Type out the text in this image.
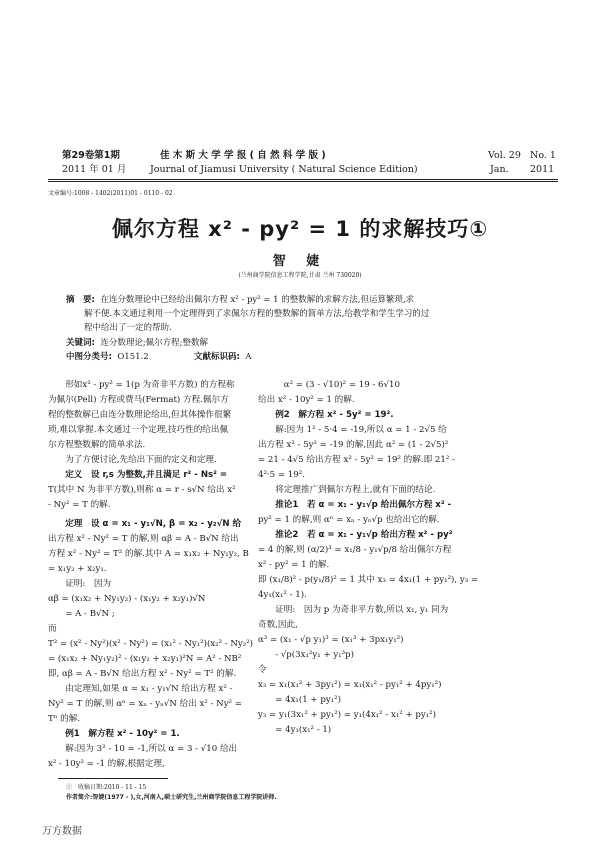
第29卷第1期
2011 年 01 月
佳 木 斯 大 学 学 报 ( 自 然 科 学 版 )
Journal of Jiamusi University ( Natural Science Edition)
Vol. 29 No. 1
Jan. 2011
文章编号:1008 - 1402(2011)01 - 0110 - 02
佩尔方程 x² - py² = 1 的求解技巧①
智 婕
(兰州商学院信息工程学院,甘肃 兰州 730020)
摘　要: 在连分数理论中已经给出佩尔方程 x² - py² = 1 的整数解的求解方法,但运算繁琐,求
解不便.本文通过利用一个定理得到了求佩尔方程的整数解的简单方法,给教学和学生学习的过
程中给出了一定的帮助.
关键词: 连分数理论;佩尔方程;整数解
中图分类号: O151.2	文献标识码: A

　　形如x² - py² = 1(p 为奇非平方数) 的方程称

为佩尔(Pell) 方程或费马(Fermat) 方程.佩尔方

程的整数解已由连分数理论给出,但其体操作很繁

琐,难以掌握.本文通过一个定理,技巧性的给出佩

尔方程整数解的简单求法.

　　为了方便讨论,先给出下面的定义和定理.

　　定义　设 r,s 为整数,并且满足 r² - Ns² =

T(其中 N 为非平方数),则称 α = r - s√N 给出 x²

- Ny² = T 的解.

　　定理　设 α = x₁ - y₁√N, β = x₂ - y₂√N 给

出方程 x² - Ny² = T 的解,则 αβ = A - B√N 给出

方程 x² - Ny² = T² 的解.其中 A = x₁x₂ + Ny₁y₂, B

= x₁y₂ + x₂y₁.

　　证明:　因为

αβ = (x₁x₂ + Ny₁y₂) - (x₁y₂ + x₂y₁)√N

　　= A - B√N ;

而

T² = (x² - Ny²)(x² - Ny²) = (x₁² - Ny₁²)(x₂² - Ny₂²)

= (x₁x₂ + Ny₁y₂)² - (x₁y₂ + x₂y₁)²N = A² - NB²

即, αβ = A - B√N 给出方程 x² - Ny² = T² 的解.

　　由定理知,如果 α = x₁ - y₁√N 给出方程 x² -

Ny² = T 的解,则 αⁿ = xₙ - yₙ√N 给出 x² - Ny² =

Tⁿ 的解.

　　例1　解方程 x² - 10y² = 1.

　　解:因为 3² - 10 = -1,所以 α = 3 - √10 给出

x² - 10y² = -1 的解,根据定理,

　　　α² = (3 - √10)² = 19 - 6√10

给出 x² - 10y² = 1 的解.

　　例2　解方程 x² - 5y² = 19².

　　解:因为 1² - 5·4 = -19,所以 α = 1 - 2√5 给

出方程 x² - 5y² = -19 的解,因此 α² = (1 - 2√5)²

= 21 - 4√5 给出方程 x² - 5y² = 19² 的解.即 21² -

4²·5 = 19².

　　将定理推广到佩尔方程上,就有下面的结论.

　　推论1　若 α = x₁ - y₁√p 给出佩尔方程 x² -

py² = 1 的解,则 αⁿ = xₙ - yₙ√p 也给出它的解.

　　推论2　若 α = x₁ - y₁√p 给出方程 x² - py²

= 4 的解,则 (α/2)³ = x₁/8 - y₁√p/8 给出佩尔方程

x² - py² = 1 的解.

即 (x₁/8)² - p(y₁/8)² = 1 其中 x₃ = 4x₁(1 + py₁²), y₃ =

4y₁(x₁² - 1).

　　证明:　因为 p 为奇非平方数,所以 x₁, y₁ 同为

奇数,因此,

α³ = (x₁ - √p y₁)³ = (x₁³ + 3px₁y₁²)

　　- √p(3x₁²y₁ + y₁³p)

令

x₃ = x₁(x₁² + 3py₁²) = x₁(x₁² - py₁² + 4py₁²)

　　= 4x₁(1 + py₁²)

y₃ = y₁(3x₁² + py₁²) = y₁(4x₁² - x₁² + py₁²)

　　= 4y₁(x₁² - 1)

①　收稿日期:2010 - 11 - 15
作者简介:智婕(1977 - ),女,河南人,硕士研究生,兰州商学院信息工程学院讲师.
万方数据
